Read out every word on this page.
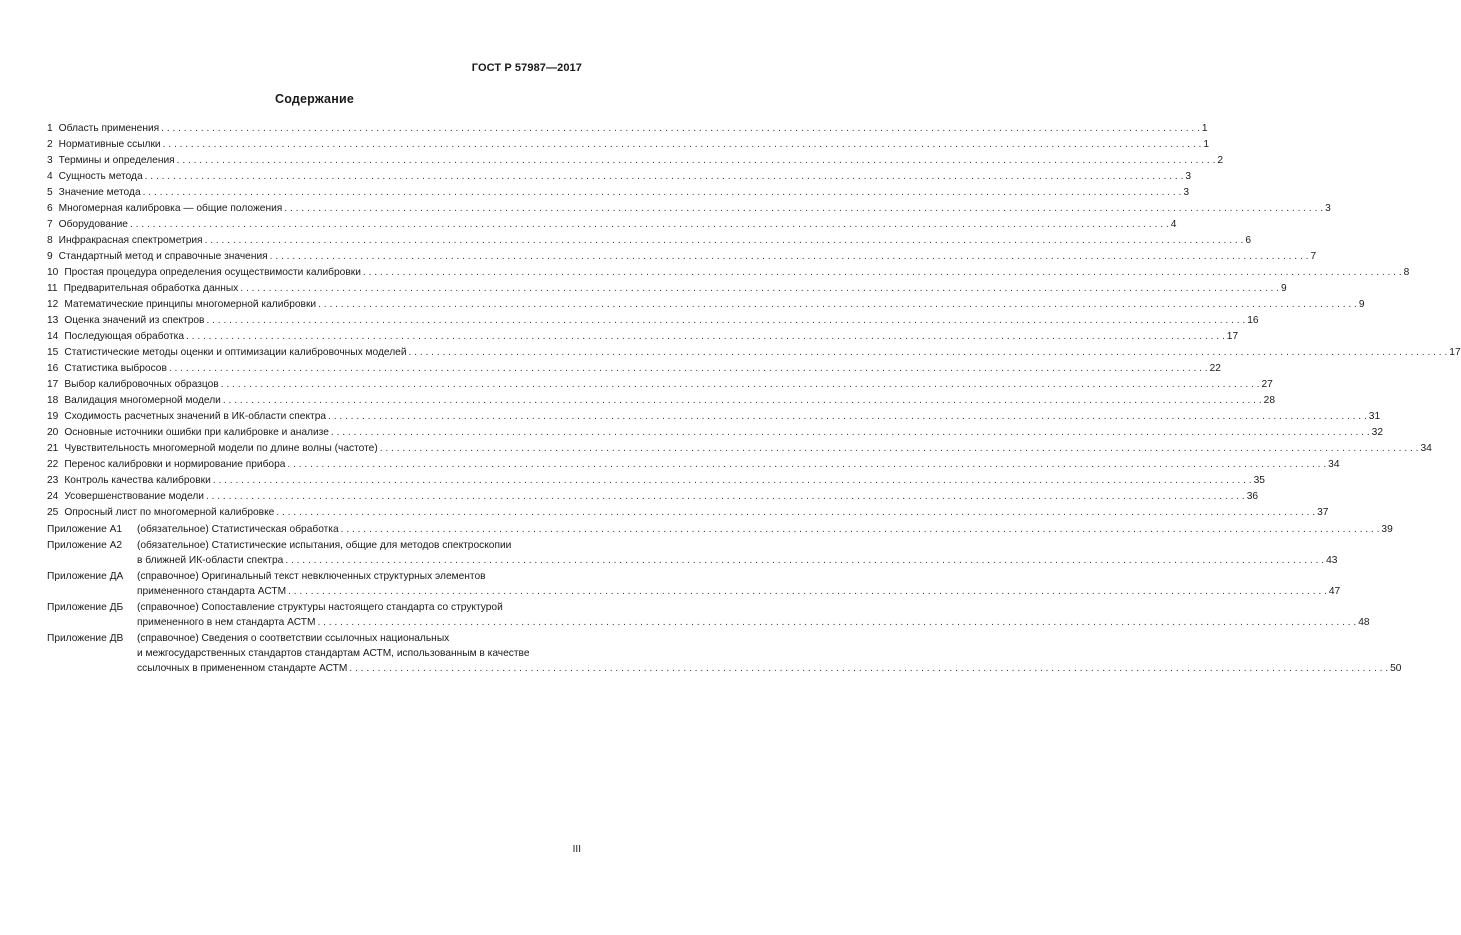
ГОСТ Р 57987—2017
Содержание
1 Область применения . . .	1
2 Нормативные ссылки . . .	1
3 Термины и определения . . .	2
4 Сущность метода . . .	3
5 Значение метода . . .	3
6 Многомерная калибровка — общие положения . . .	3
7 Оборудование . . .	4
8 Инфракрасная спектрометрия . . .	6
9 Стандартный метод и справочные значения . . .	7
10 Простая процедура определения осуществимости калибровки . . .	8
11 Предварительная обработка данных . . .	9
12 Математические принципы многомерной калибровки . . .	9
13 Оценка значений из спектров . . .	16
14 Последующая обработка . . .	17
15 Статистические методы оценки и оптимизации калибровочных моделей . . .	17
16 Статистика выбросов . . .	22
17 Выбор калибровочных образцов . . .	27
18 Валидация многомерной модели . . .	28
19 Сходимость расчетных значений в ИК-области спектра . . .	31
20 Основные источники ошибки при калибровке и анализе . . .	32
21 Чувствительность многомерной модели по длине волны (частоте) . . .	34
22 Перенос калибровки и нормирование прибора . . .	34
23 Контроль качества калибровки . . .	35
24 Усовершенствование модели . . .	36
25 Опросный лист по многомерной калибровке . . .	37
Приложение А1	(обязательное) Статистическая обработка . . .	39
Приложение А2	(обязательное) Статистические испытания, общие для методов спектроскопии
в ближней ИК-области спектра . . .	43
Приложение ДА	(справочное) Оригинальный текст невключенных структурных элементов
примененного стандарта АСТМ . . .	47
Приложение ДБ	(справочное) Сопоставление структуры настоящего стандарта со структурой
примененного в нем стандарта АСТМ . . .	48
Приложение ДВ	(справочное) Сведения о соответствии ссылочных национальных
и межгосударственных стандартов стандартам АСТМ, использованным в качестве
ссылочных в примененном стандарте АСТМ . . .	50
III
